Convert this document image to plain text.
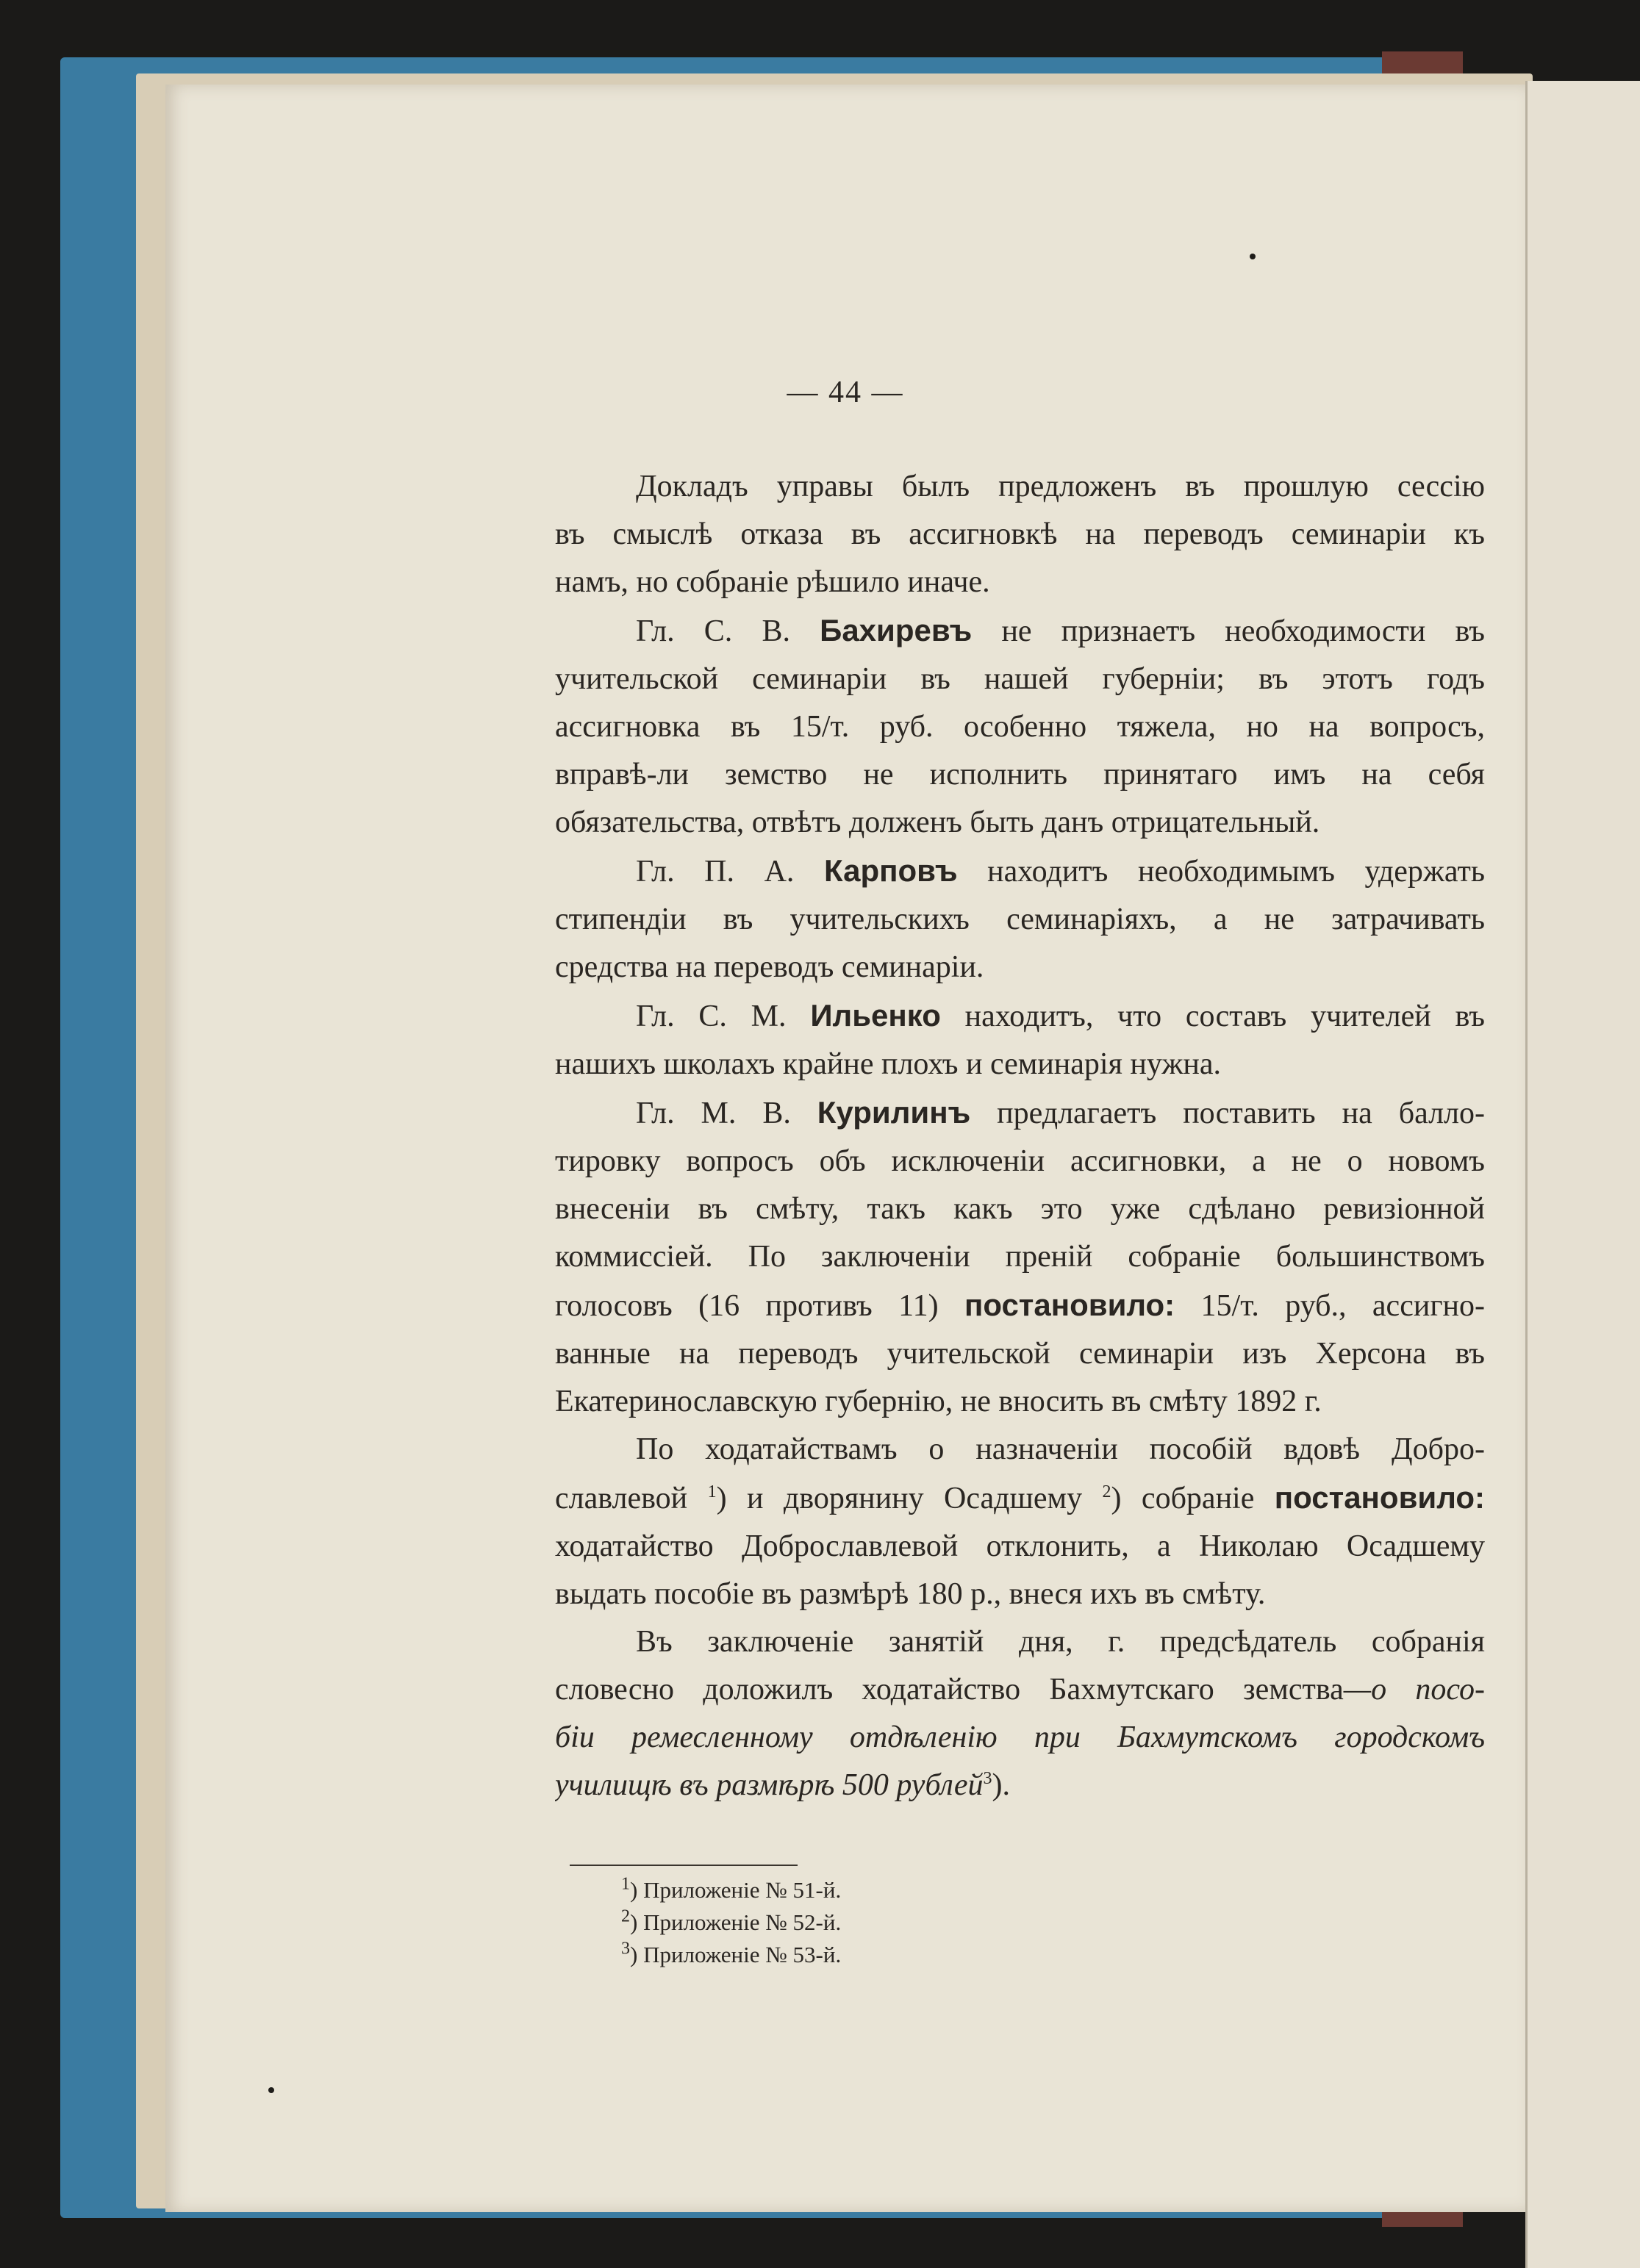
— 44 —
Докладъ управы былъ предложенъ въ прошлую сессію
въ смыслѣ отказа въ ассигновкѣ на переводъ семинаріи къ
намъ, но собраніе рѣшило иначе.
Гл. С. В. Бахиревъ не признаетъ необходимости въ
учительской семинаріи въ нашей губерніи; въ этотъ годъ
ассигновка въ 15/т. руб. особенно тяжела, но на вопросъ,
вправѣ-ли земство не исполнить принятаго имъ на себя
обязательства, отвѣтъ долженъ быть данъ отрицательный.
Гл. П. А. Карповъ находитъ необходимымъ удержать
стипендіи въ учительскихъ семинаріяхъ, а не затрачивать
средства на переводъ семинаріи.
Гл. С. М. Ильенко находитъ, что составъ учителей въ
нашихъ школахъ крайне плохъ и семинарія нужна.
Гл. М. В. Курилинъ предлагаетъ поставить на балло-
тировку вопросъ объ исключеніи ассигновки, а не о новомъ
внесеніи въ смѣту, такъ какъ это уже сдѣлано ревизіонной
коммиссіей. По заключеніи преній собраніе большинствомъ
голосовъ (16 противъ 11) постановило: 15/т. руб., ассигно-
ванные на переводъ учительской семинаріи изъ Херсона въ
Екатеринославскую губернію, не вносить въ смѣту 1892 г.
По ходатайствамъ о назначеніи пособій вдовѣ Добро-
славлевой $^1$) и дворянину Осадшему $^2$) собраніе постановило:
ходатайство Доброславлевой отклонить, а Николаю Осадшему
выдать пособіе въ размѣрѣ 180 р., внеся ихъ въ смѣту.
Въ заключеніе занятій дня, г. предсѣдатель собранія
словесно доложилъ ходатайство Бахмутскаго земства—о посо-
біи ремесленному отдѣленію при Бахмутскомъ городскомъ
училищѣ въ размѣрѣ 500 рублей$^3$).
$^1$) Приложеніе № 51-й.
$^2$) Приложеніе № 52-й.
$^3$) Приложеніе № 53-й.
